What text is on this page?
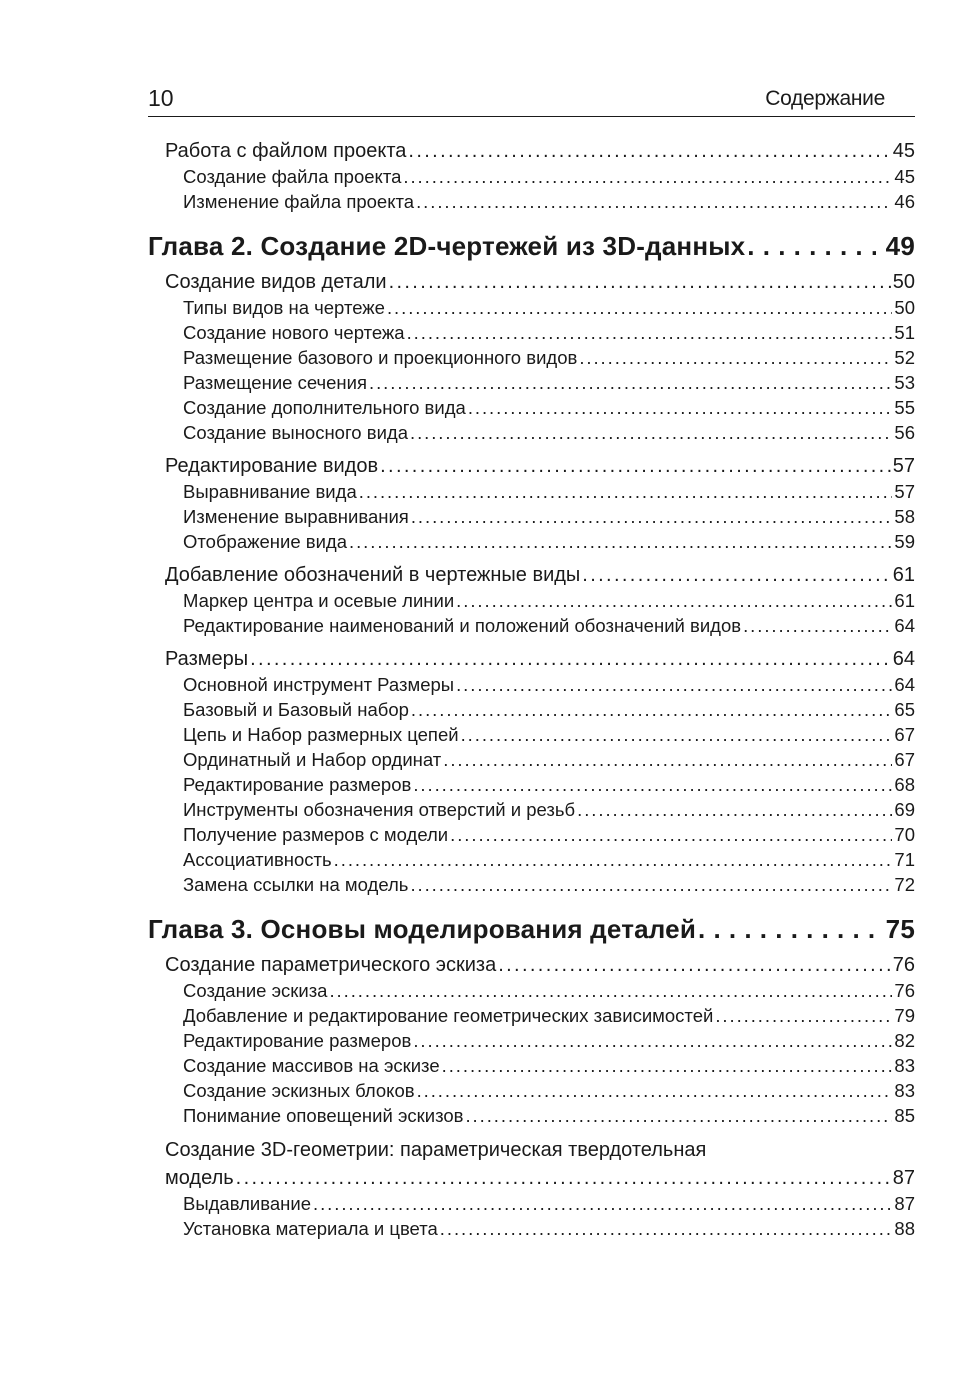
10	Содержание
Работа с файлом проекта . . .	45
Создание файла проекта . . .	45
Изменение файла проекта . . .	46
Глава 2. Создание 2D-чертежей из 3D-данных . . .	49
Создание видов детали . . .	50
Типы видов на чертеже . . .	50
Создание нового чертежа . . .	51
Размещение базового и проекционного видов . . .	52
Размещение сечения . . .	53
Создание дополнительного вида . . .	55
Создание выносного вида . . .	56
Редактирование видов . . .	57
Выравнивание вида . . .	57
Изменение выравнивания . . .	58
Отображение вида . . .	59
Добавление обозначений в чертежные виды . . .	61
Маркер центра и осевые линии . . .	61
Редактирование наименований и положений обозначений видов . . .	64
Размеры . . .	64
Основной инструмент Размеры . . .	64
Базовый и Базовый набор . . .	65
Цепь и Набор размерных цепей . . .	67
Ординатный и Набор ординат . . .	67
Редактирование размеров . . .	68
Инструменты обозначения отверстий и резьб . . .	69
Получение размеров с модели . . .	70
Ассоциативность . . .	71
Замена ссылки на модель . . .	72
Глава 3. Основы моделирования деталей . . .	75
Создание параметрического эскиза . . .	76
Создание эскиза . . .	76
Добавление и редактирование геометрических зависимостей . . .	79
Редактирование размеров . . .	82
Создание массивов на эскизе . . .	83
Создание эскизных блоков . . .	83
Понимание оповещений эскизов . . .	85
Создание 3D-геометрии: параметрическая твердотельная
модель . . .	87
Выдавливание . . .	87
Установка материала и цвета . . .	88
